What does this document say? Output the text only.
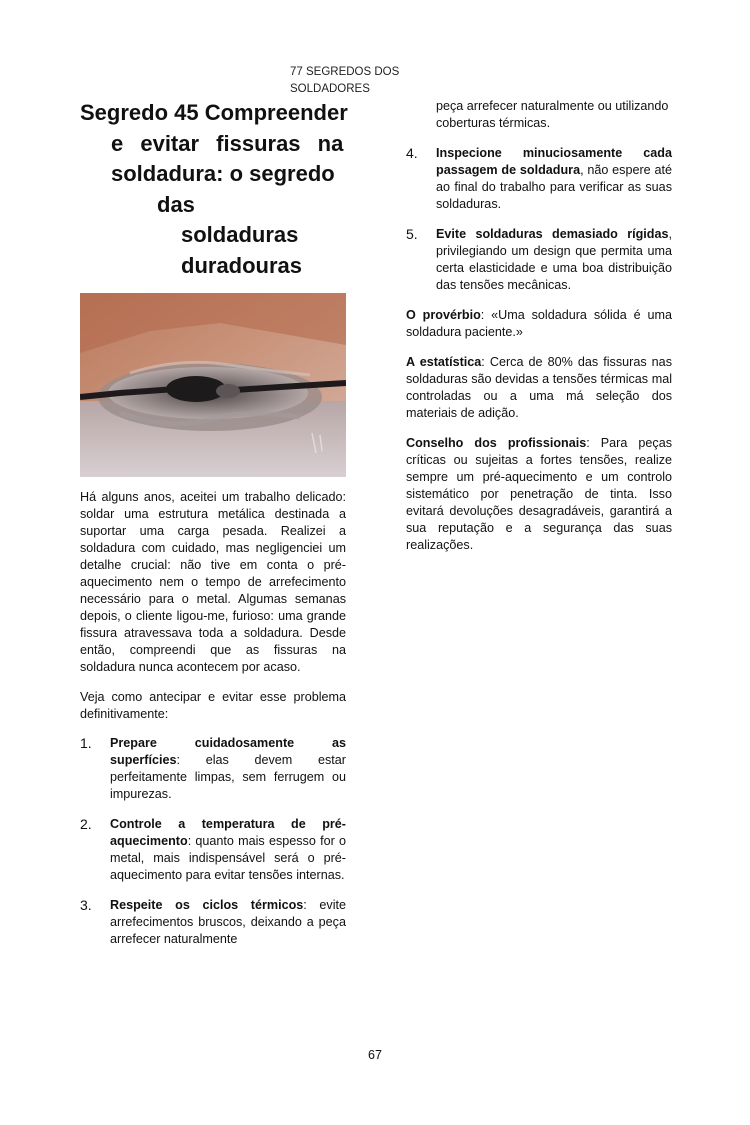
77 SEGREDOS DOS SOLDADORES
Segredo 45 Compreender
e evitar fissuras na
soldadura: o segredo
das
soldaduras
duradouras

Há alguns anos, aceitei um trabalho delicado: soldar uma estrutura metálica destinada a suportar uma carga pesada. Realizei a soldadura com cuidado, mas negligenciei um detalhe crucial: não tive em conta o pré-aquecimento nem o tempo de arrefecimento necessário para o metal. Algumas semanas depois, o cliente ligou-me, furioso: uma grande fissura atravessava toda a soldadura. Desde então, compreendi que as fissuras na soldadura nunca acontecem por acaso.

Veja como antecipar e evitar esse problema definitivamente:

1.	Prepare cuidadosamente as superfícies: elas devem estar perfeitamente limpas, sem ferrugem ou impurezas.
2.	Controle a temperatura de pré-aquecimento: quanto mais espesso for o metal, mais indispensável será o pré-aquecimento para evitar tensões internas.
3.	Respeite os ciclos térmicos: evite arrefecimentos bruscos, deixando a peça arrefecer naturalmente

peça arrefecer naturalmente ou utilizando coberturas térmicas.

4.	Inspecione minuciosamente cada passagem de soldadura, não espere até ao final do trabalho para verificar as suas soldaduras.
5.	Evite soldaduras demasiado rígidas, privilegiando um design que permita uma certa elasticidade e uma boa distribuição das tensões mecânicas.

O provérbio: «Uma soldadura sólida é uma soldadura paciente.»

A estatística: Cerca de 80% das fissuras nas soldaduras são devidas a tensões térmicas mal controladas ou a uma má seleção dos materiais de adição.

Conselho dos profissionais: Para peças críticas ou sujeitas a fortes tensões, realize sempre um pré-aquecimento e um controlo sistemático por penetração de tinta. Isso evitará devoluções desagradáveis, garantirá a sua reputação e a segurança das suas realizações.

67
